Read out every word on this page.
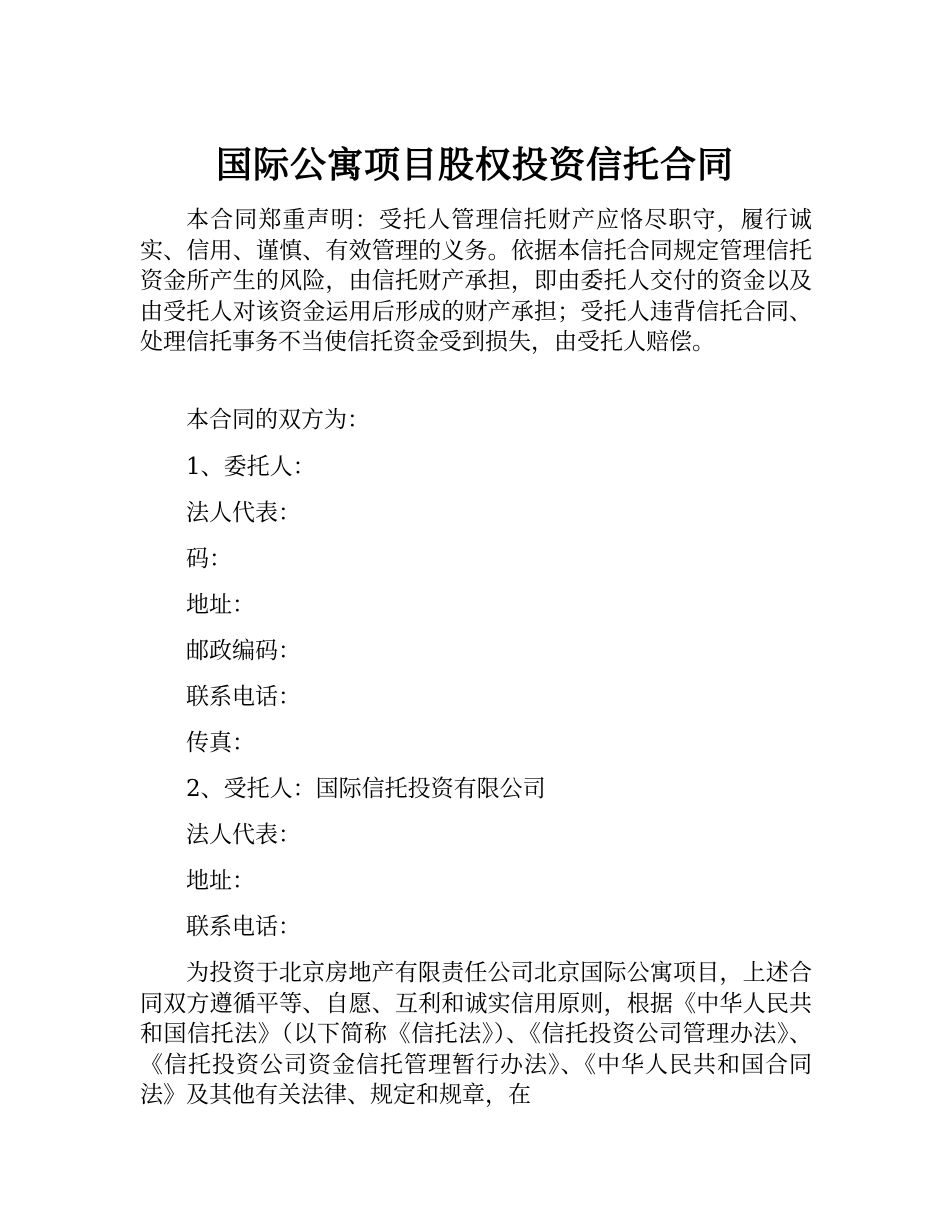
国际公寓项目股权投资信托合同

本合同郑重声明：受托人管理信托财产应恪尽职守，履行诚实、信用、谨慎、有效管理的义务。依据本信托合同规定管理信托资金所产生的风险，由信托财产承担，即由委托人交付的资金以及由受托人对该资金运用后形成的财产承担；受托人违背信托合同、处理信托事务不当使信托资金受到损失，由受托人赔偿。

本合同的双方为：

1、委托人：

法人代表：

码：

地址：

邮政编码：

联系电话：

传真：

2、受托人：国际信托投资有限公司

法人代表：

地址：

联系电话：

为投资于北京房地产有限责任公司北京国际公寓项目，上述合同双方遵循平等、自愿、互利和诚实信用原则，根据《中华人民共和国信托法》（以下简称《信托法》）、《信托投资公司管理办法》、《信托投资公司资金信托管理暂行办法》、《中华人民共和国合同法》及其他有关法律、规定和规章，在
